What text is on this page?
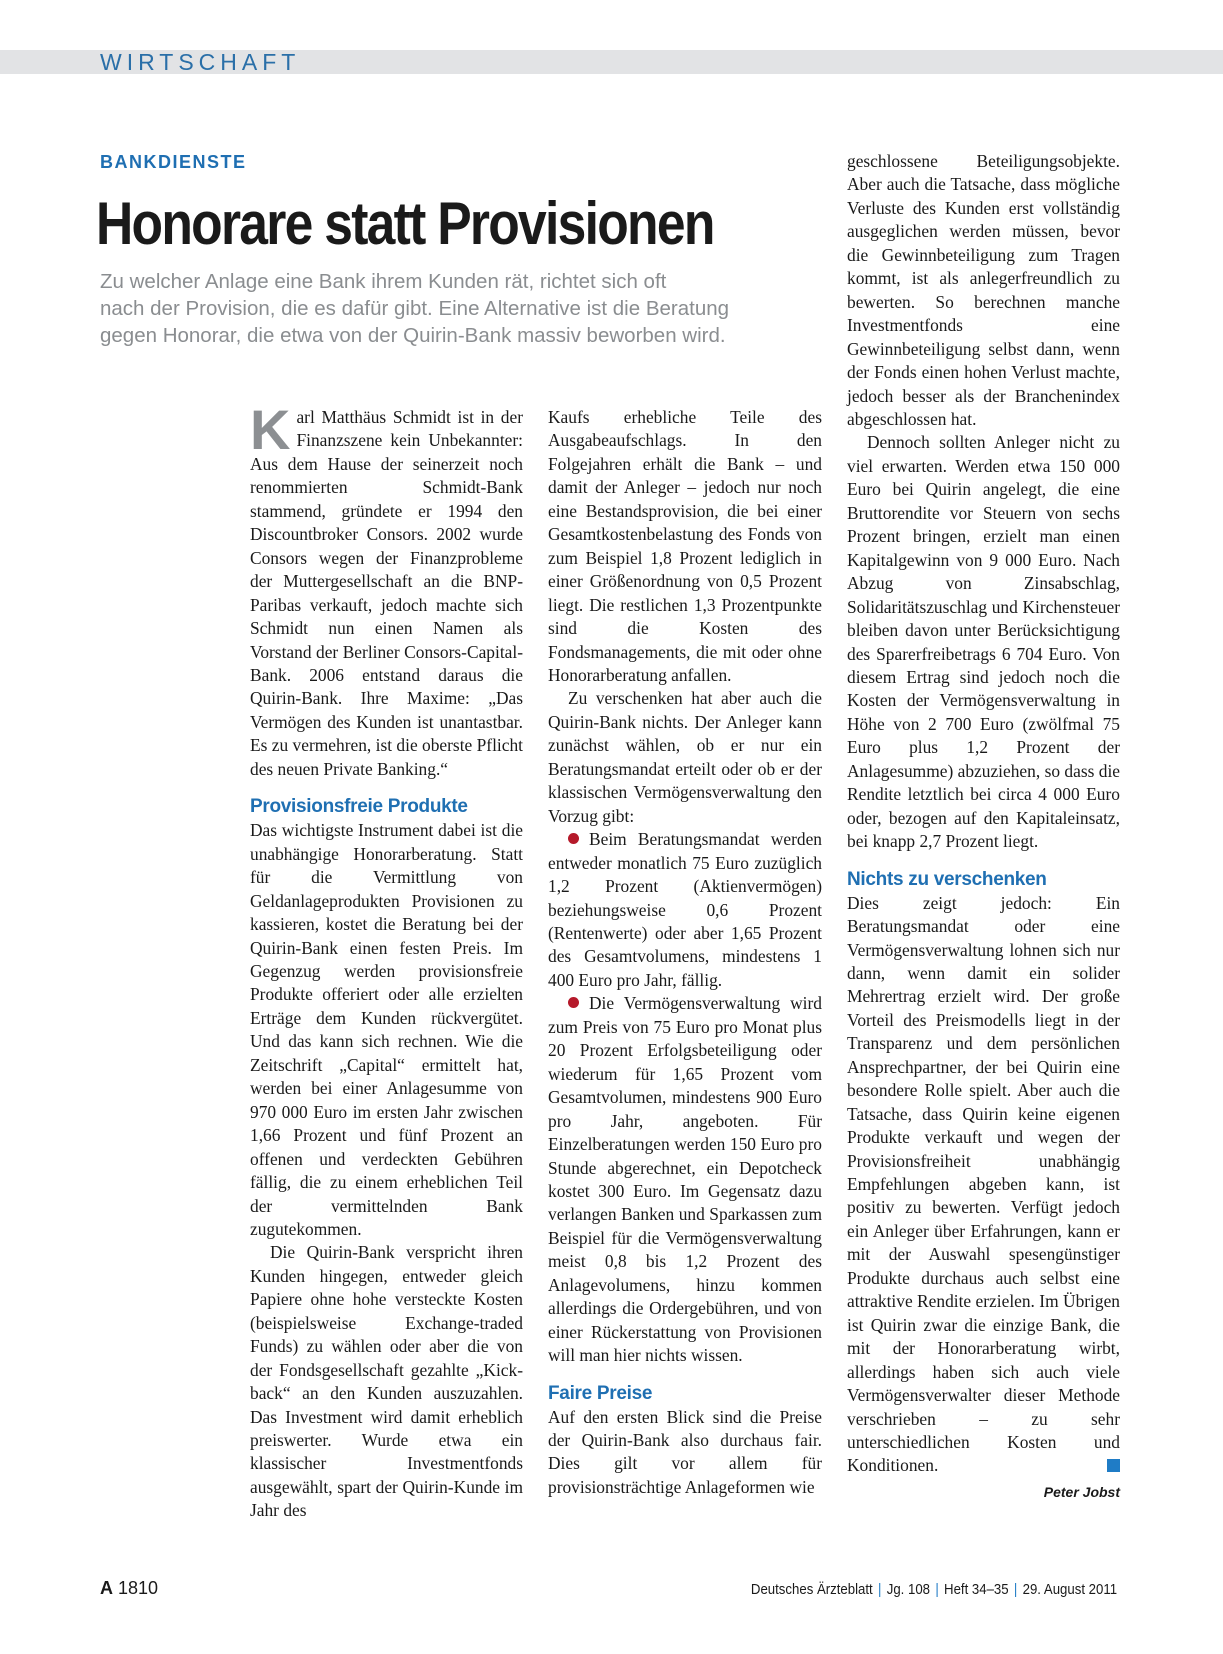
WIRTSCHAFT
BANKDIENSTE
Honorare statt Provisionen
Zu welcher Anlage eine Bank ihrem Kunden rät, richtet sich oft
nach der Provision, die es dafür gibt. Eine Alternative ist die Beratung
gegen Honorar, die etwa von der Quirin-Bank massiv beworben wird.

Karl Matthäus Schmidt ist in der Finanzszene kein Unbekannter: Aus dem Hause der seinerzeit noch renommierten Schmidt-Bank stammend, gründete er 1994 den Discountbroker Consors. 2002 wurde Consors wegen der Finanzprobleme der Muttergesellschaft an die BNP-Paribas verkauft, jedoch machte sich Schmidt nun einen Namen als Vorstand der Berliner Consors-Capital-Bank. 2006 entstand daraus die Quirin-Bank. Ihre Maxime: „Das Vermögen des Kunden ist unantastbar. Es zu vermehren, ist die oberste Pflicht des neuen Private Banking.“

Provisionsfreie Produkte

Das wichtigste Instrument dabei ist die unabhängige Honorarberatung. Statt für die Vermittlung von Geldanlageprodukten Provisionen zu kassieren, kostet die Beratung bei der Quirin-Bank einen festen Preis. Im Gegenzug werden provisionsfreie Produkte offeriert oder alle erzielten Erträge dem Kunden rückvergütet. Und das kann sich rechnen. Wie die Zeitschrift „Capital“ ermittelt hat, werden bei einer Anlagesumme von 970 000 Euro im ersten Jahr zwischen 1,66 Prozent und fünf Prozent an offenen und verdeckten Gebühren fällig, die zu einem erheblichen Teil der vermittelnden Bank zugutekommen.

Die Quirin-Bank verspricht ihren Kunden hingegen, entweder gleich Papiere ohne hohe versteckte Kosten (beispielsweise Exchange-traded Funds) zu wählen oder aber die von der Fondsgesellschaft gezahlte „Kick-back“ an den Kunden auszuzahlen. Das Investment wird damit erheblich preiswerter. Wurde etwa ein klassischer Investmentfonds ausgewählt, spart der Quirin-Kunde im Jahr des

Kaufs erhebliche Teile des Ausgabeaufschlags. In den Folgejahren erhält die Bank – und damit der Anleger – jedoch nur noch eine Bestandsprovision, die bei einer Gesamtkostenbelastung des Fonds von zum Beispiel 1,8 Prozent lediglich in einer Größenordnung von 0,5 Prozent liegt. Die restlichen 1,3 Prozentpunkte sind die Kosten des Fondsmanagements, die mit oder ohne Honorarberatung anfallen.

Zu verschenken hat aber auch die Quirin-Bank nichts. Der Anleger kann zunächst wählen, ob er nur ein Beratungsmandat erteilt oder ob er der klassischen Vermögensverwaltung den Vorzug gibt:

Beim Beratungsmandat werden entweder monatlich 75 Euro zuzüglich 1,2 Prozent (Aktienvermögen) beziehungsweise 0,6 Prozent (Rentenwerte) oder aber 1,65 Prozent des Gesamtvolumens, mindestens 1 400 Euro pro Jahr, fällig.

Die Vermögensverwaltung wird zum Preis von 75 Euro pro Monat plus 20 Prozent Erfolgsbeteiligung oder wiederum für 1,65 Prozent vom Gesamtvolumen, mindestens 900 Euro pro Jahr, angeboten. Für Einzelberatungen werden 150 Euro pro Stunde abgerechnet, ein Depotcheck kostet 300 Euro. Im Gegensatz dazu verlangen Banken und Sparkassen zum Beispiel für die Vermögensverwaltung meist 0,8 bis 1,2 Prozent des Anlagevolumens, hinzu kommen allerdings die Ordergebühren, und von einer Rückerstattung von Provisionen will man hier nichts wissen.

Faire Preise

Auf den ersten Blick sind die Preise der Quirin-Bank also durchaus fair. Dies gilt vor allem für provisionsträchtige Anlageformen wie

geschlossene Beteiligungsobjekte. Aber auch die Tatsache, dass mögliche Verluste des Kunden erst vollständig ausgeglichen werden müssen, bevor die Gewinnbeteiligung zum Tragen kommt, ist als anlegerfreundlich zu bewerten. So berechnen manche Investmentfonds eine Gewinnbeteiligung selbst dann, wenn der Fonds einen hohen Verlust machte, jedoch besser als der Branchenindex abgeschlossen hat.

Dennoch sollten Anleger nicht zu viel erwarten. Werden etwa 150 000 Euro bei Quirin angelegt, die eine Bruttorendite vor Steuern von sechs Prozent bringen, erzielt man einen Kapitalgewinn von 9 000 Euro. Nach Abzug von Zinsabschlag, Solidaritätszuschlag und Kirchensteuer bleiben davon unter Berücksichtigung des Sparerfreibetrags 6 704 Euro. Von diesem Ertrag sind jedoch noch die Kosten der Vermögensverwaltung in Höhe von 2 700 Euro (zwölfmal 75 Euro plus 1,2 Prozent der Anlagesumme) abzuziehen, so dass die Rendite letztlich bei circa 4 000 Euro oder, bezogen auf den Kapitaleinsatz, bei knapp 2,7 Prozent liegt.

Nichts zu verschenken

Dies zeigt jedoch: Ein Beratungsmandat oder eine Vermögensverwaltung lohnen sich nur dann, wenn damit ein solider Mehrertrag erzielt wird. Der große Vorteil des Preismodells liegt in der Transparenz und dem persönlichen Ansprechpartner, der bei Quirin eine besondere Rolle spielt. Aber auch die Tatsache, dass Quirin keine eigenen Produkte verkauft und wegen der Provisionsfreiheit unabhängig Empfehlungen abgeben kann, ist positiv zu bewerten. Verfügt jedoch ein Anleger über Erfahrungen, kann er mit der Auswahl spesengünstiger Produkte durchaus auch selbst eine attraktive Rendite erzielen. Im Übrigen ist Quirin zwar die einzige Bank, die mit der Honorarberatung wirbt, allerdings haben sich auch viele Vermögensverwalter dieser Methode verschrieben – zu sehr unterschiedlichen Kosten und Konditionen.

Peter Jobst
A 1810	Deutsches Ärzteblatt | Jg. 108 | Heft 34–35 | 29. August 2011
